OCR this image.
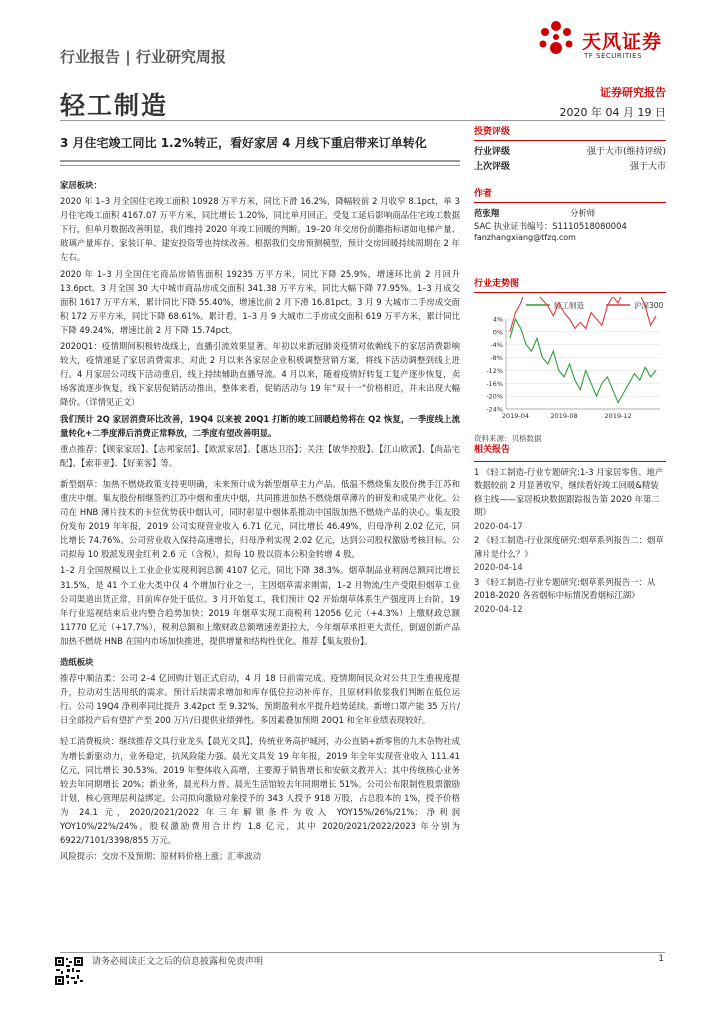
天风证券
TF SECURITIES
行业报告 | 行业研究周报
轻工制造	证券研究报告
2020 年 04 月 19 日
3 月住宅竣工同比 1.2%转正，看好家居 4 月线下重启带来订单转化

家居板块：

2020 年 1–3 月全国住宅竣工面积 10928 万平方米，同比下滑 16.2%，降幅较前 2 月收窄 8.1pct，单 3 月住宅竣工面积 4167.07 万平方米，同比增长 1.20%，同比单月回正。受复工延后影响商品住宅竣工数据下行，但单月数据改善明显，我们维持 2020 年竣工回暖的判断。19–20 年交房份前瞻指标诸如电梯产量、玻璃产量库存、家装订单、建安投资等也持续改善。根据我们交房预测模型，预计交房回暖持续周期在 2 年左右。

2020 年 1–3 月全国住宅商品房销售面积 19235 万平方米，同比下降 25.9%，增速环比前 2 月回升 13.6pct。3 月全国 30 大中城市商品房成交面积 341.38 万平方米，同比大幅下降 77.95%。1–3 月成交面积 1617 万平方米，累计同比下降 55.40%，增速比前 2 月下滑 16.81pct。3 月 9 大城市二手房成交面积 172 万平方米，同比下降 68.61%。累计看，1–3 月 9 大城市二手房成交面积 619 万平方米，累计同比下降 49.24%，增速比前 2 月下降 15.74pct。

2020Q1：疫情期间积极转战线上，直播引流效果显著。年初以来新冠肺炎疫情对依赖线下的家居消费影响较大，疫情递延了家居消费需求。对此 2 月以来各家居企业积极调整营销方案，将线下活动调整到线上进行。4 月家居公司线下活动重启，线上持续辅助直播导流。4 月以来，随着疫情好转复工复产逐步恢复，卖场客流逐步恢复，线下家居促销活动推出，整体来看，促销活动与 19 年“双十一”价格相近，并未出现大幅降价。（详情见正文）

我们预计 2Q 家居消费环比改善，19Q4 以来被 20Q1 打断的竣工回暖趋势将在 Q2 恢复，一季度线上流量转化+二季度滞后消费正常释放，二季度有望改善明显。

重点推荐：【顾家家居】、【志邦家居】、【欧派家居】、【惠达卫浴】；关注【敏华控股】、【江山欧派】、【尚品宅配】、【索菲亚】、【好莱客】等。

新型烟草：加热不燃烧政策支持更明确，未来预计成为新型烟草主力产品。低温不燃烧集友股份携手江苏和重庆中烟。集友股份相继签约江苏中烟和重庆中烟，共同推进加热不燃烧烟草薄片的研发和成果产业化。公司在 HNB 薄片技术的卡位优势获中烟认可，同时彰显中烟体系推动中国版加热不燃烧产品的决心。集友股份发布 2019 年年报，2019 公司实现营业收入 6.71 亿元，同比增长 46.49%，归母净利 2.02 亿元，同比增长 74.76%。公司营业收入保持高速增长，归母净利实现 2.02 亿元，达到公司股权激励考核目标。公司拟每 10 股派发现金红利 2.6 元（含税），拟每 10 股以资本公积金转增 4 股。

1–2 月全国规模以上工业企业实现利润总额 4107 亿元，同比下降 38.3%。烟草制品业利润总额同比增长 31.5%，是 41 个工业大类中仅 4 个增加行业之一，主因烟草需求刚需，1–2 月物流/生产受限但烟草工业公司渠道出货正常，目前库存处于低位。3 月开始复工，我们预计 Q2 开始烟草体系生产强度再上台阶，19 年行业巡视结束后业内整合趋势加快；2019 年烟草实现工商税利 12056 亿元（+4.3%）上缴财政总额 11770 亿元（+17.7%），税利总额和上缴财政总额增速差距拉大，今年烟草承担更大责任，倒逼创新产品加热不燃烧 HNB 在国内市场加快推进，提供增量和结构性优化。推荐【集友股份】。

造纸板块

推荐中顺洁柔：公司 2–4 亿回购计划正式启动，4 月 18 日前需完成。疫情期间民众对公共卫生重视度提升，拉动对生活用纸的需求。预计后续需求增加和库存低位拉动补库存，且原材料依浆我们判断在低位运行。公司 19Q4 净利率同比提升 3.42pct 至 9.32%，预期盈利水平提升趋势延续。新增口罩产能 35 万片/日全部投产后有望扩产至 200 万片/日提供业绩弹性。多因素叠加预期 20Q1 和全年业绩表现较好。

轻工消费板块：继续推荐文具行业龙头【晨光文具】，传统业务高护城河，办公直销+新零售的九木杂物社成为增长新驱动力，业务稳定，抗风险能力强。晨光文具发 19 年年报，2019 年全年实现营业收入 111.41 亿元，同比增长 30.53%。2019 年整体收入高增，主要源于销售增长和安硕文教并入；其中传统核心业务较去年同期增长 20%；新业务，晨光科力普、晨光生活馆较去年同期增长 51%。公司公布限制性股票激励计划，核心管理层利益绑定。公司拟向激励对象授予的 343 人授予 918 万股，占总股本的 1%，授予价格为 24.1 元，2020/2021/2022 年三年解锁条件为收入 YOY15%/26%/21%；净利润 YOY10%/22%/24%。股权激励费用合计约 1.8 亿元，其中 2020/2021/2022/2023 年分别为 6922/7101/3398/855 万元。

风险提示：交房不及预期；原材料价格上涨；汇率波动

投资评级
行业评级	强于大市(维持评级)
上次评级	强于大市
作者
范张翔	分析师
SAC 执业证书编号：S1110518080004
fanzhangxiang@tfzq.com
行业走势图
轻工制造	沪深300
4%
0%
-4%
-8%
-12%
-16%
-20%
-24%
2019-04	2019-08	2019-12
资料来源：贝格数据
相关报告
1 《轻工制造-行业专题研究:1-3 月家居零售、地产数据较前 2 月显著收窄，继续看好竣工回暖&精装修主线——家居板块数据跟踪报告第 2020 年第二期》
2020-04-17
2 《轻工制造-行业深度研究:烟草系列报告二：烟草薄片是什么？》
2020-04-14
3 《轻工制造-行业专题研究:烟草系列报告一：从 2018-2020 各省烟标中标情况看烟标江湖》
2020-04-12
请务必阅读正文之后的信息披露和免责声明	1
